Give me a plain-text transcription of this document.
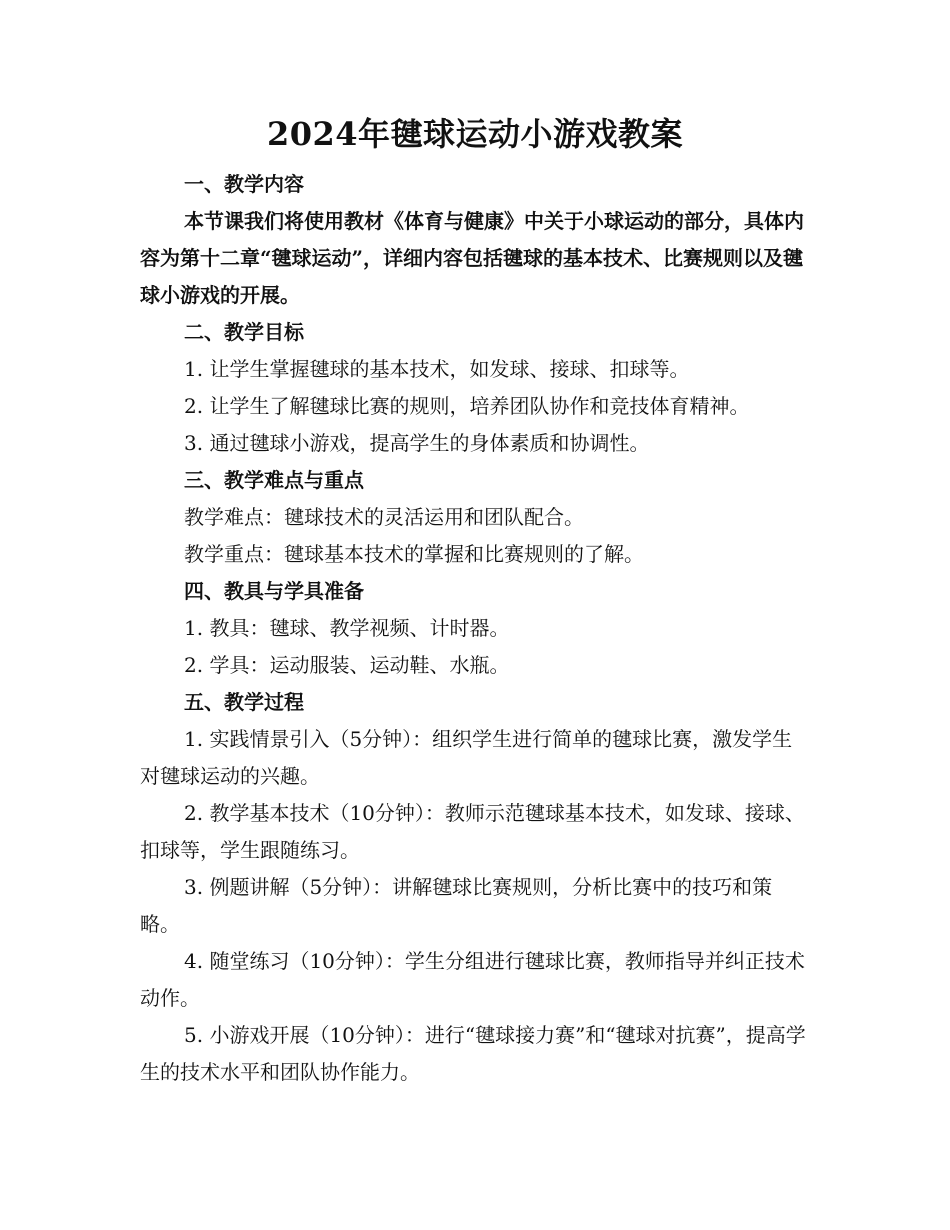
2024年毽球运动小游戏教案

一、教学内容

本节课我们将使用教材《体育与健康》中关于小球运动的部分，具体内容为第十二章“毽球运动”，详细内容包括毽球的基本技术、比赛规则以及毽球小游戏的开展。

二、教学目标

1. 让学生掌握毽球的基本技术，如发球、接球、扣球等。

2. 让学生了解毽球比赛的规则，培养团队协作和竞技体育精神。

3. 通过毽球小游戏，提高学生的身体素质和协调性。

三、教学难点与重点

教学难点：毽球技术的灵活运用和团队配合。

教学重点：毽球基本技术的掌握和比赛规则的了解。

四、教具与学具准备

1. 教具：毽球、教学视频、计时器。

2. 学具：运动服装、运动鞋、水瓶。

五、教学过程

1. 实践情景引入（5分钟）：组织学生进行简单的毽球比赛，激发学生对毽球运动的兴趣。

2. 教学基本技术（10分钟）：教师示范毽球基本技术，如发球、接球、扣球等，学生跟随练习。

3. 例题讲解（5分钟）：讲解毽球比赛规则，分析比赛中的技巧和策略。

4. 随堂练习（10分钟）：学生分组进行毽球比赛，教师指导并纠正技术动作。

5. 小游戏开展（10分钟）：进行“毽球接力赛”和“毽球对抗赛”，提高学生的技术水平和团队协作能力。
